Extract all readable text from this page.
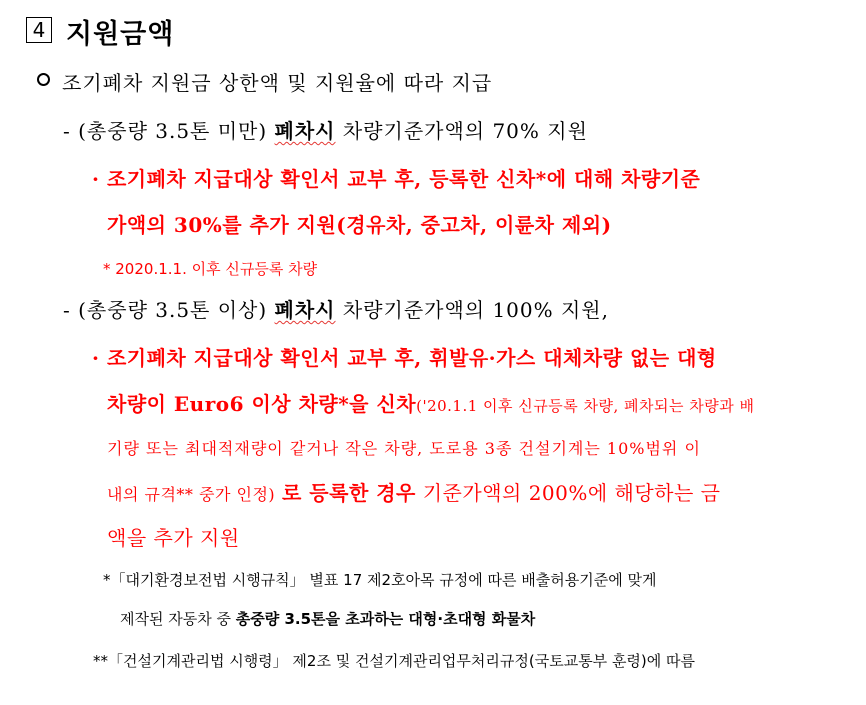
4 지원금액
조기폐차 지원금 상한액 및 지원율에 따라 지급
- (총중량 3.5톤 미만) 폐차시 차량기준가액의 70% 지원
· 조기폐차 지급대상 확인서 교부 후, 등록한 신차*에 대해 차량기준
가액의 30%를 추가 지원(경유차, 중고차, 이륜차 제외)
* 2020.1.1. 이후 신규등록 차량
- (총중량 3.5톤 이상) 폐차시 차량기준가액의 100% 지원,
· 조기폐차 지급대상 확인서 교부 후, 휘발유·가스 대체차량 없는 대형
차량이 Euro6 이상 차량*을 신차('20.1.1 이후 신규등록 차량, 폐차되는 차량과 배
기량 또는 최대적재량이 같거나 작은 차량, 도로용 3종 건설기계는 10%범위 이
내의 규격** 중가 인정) 로 등록한 경우 기준가액의 200%에 해당하는 금
액을 추가 지원
*「대기환경보전법 시행규칙」 별표 17 제2호아목 규정에 따른 배출허용기준에 맞게
제작된 자동차 중 총중량 3.5톤을 초과하는 대형·초대형 화물차
**「건설기계관리법 시행령」 제2조 및 건설기계관리업무처리규정(국토교통부 훈령)에 따름
